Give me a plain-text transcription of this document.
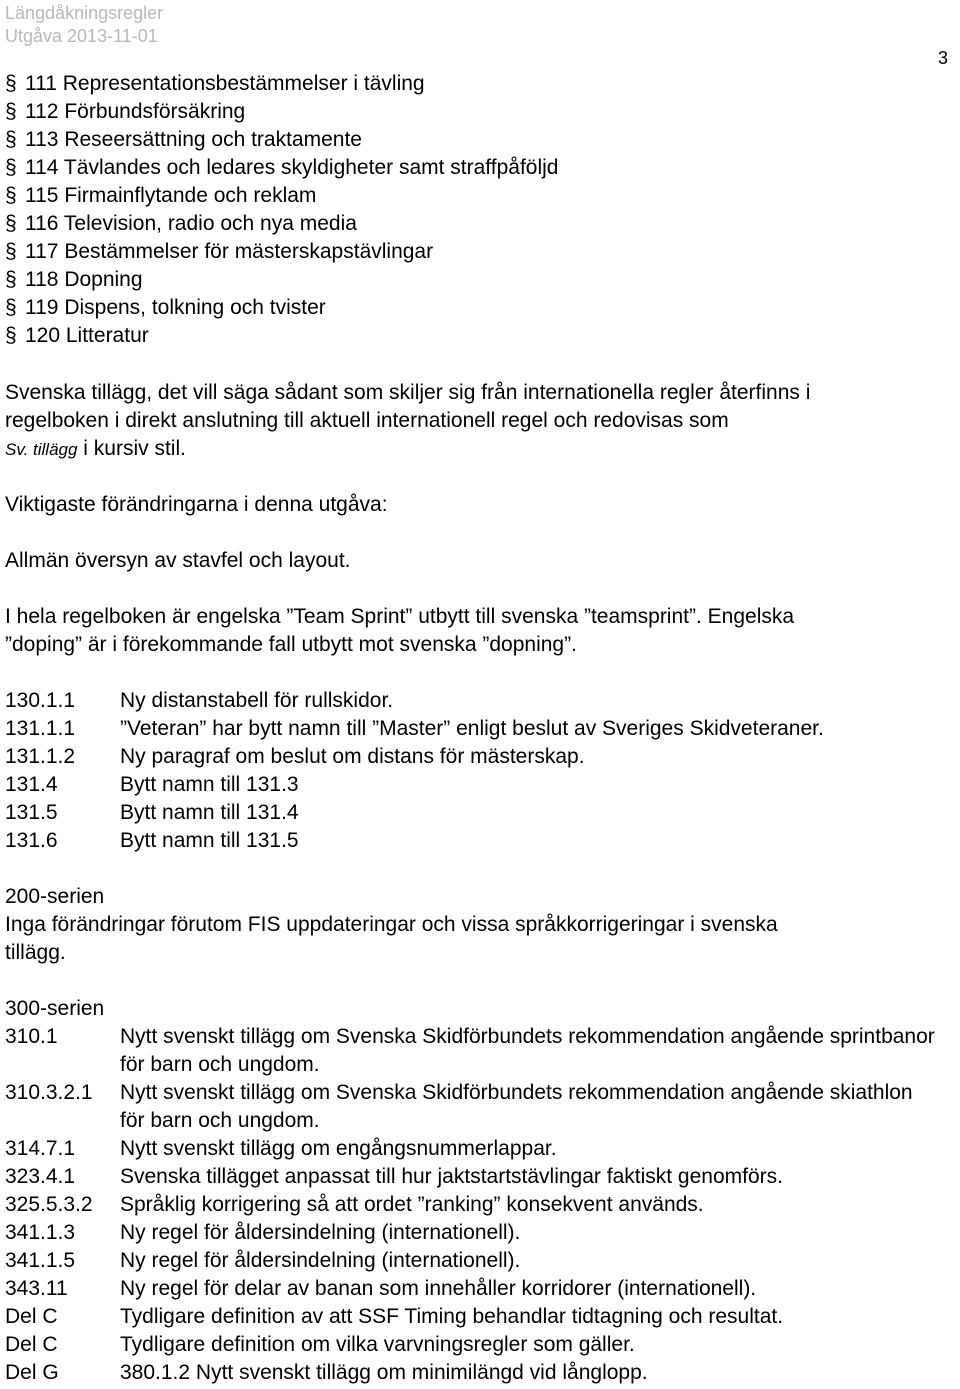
Längdåkningsregler
Utgåva 2013-11-01
3
§ 111 Representationsbestämmelser i tävling
§ 112 Förbundsförsäkring
§ 113 Reseersättning och traktamente
§ 114 Tävlandes och ledares skyldigheter samt straffpåföljd
§ 115 Firmainflytande och reklam
§ 116 Television, radio och nya media
§ 117 Bestämmelser för mästerskapstävlingar
§ 118 Dopning
§ 119 Dispens, tolkning och tvister
§ 120 Litteratur
Svenska tillägg, det vill säga sådant som skiljer sig från internationella regler återfinns i
regelboken i direkt anslutning till aktuell internationell regel och redovisas som
Sv. tillägg i kursiv stil.
Viktigaste förändringarna i denna utgåva:
Allmän översyn av stavfel och layout.
I hela regelboken är engelska ”Team Sprint” utbytt till svenska ”teamsprint”. Engelska
”doping” är i förekommande fall utbytt mot svenska ”dopning”.
130.1.1	Ny distanstabell för rullskidor.
131.1.1	”Veteran” har bytt namn till ”Master” enligt beslut av Sveriges Skidveteraner.
131.1.2	Ny paragraf om beslut om distans för mästerskap.
131.4	Bytt namn till 131.3
131.5	Bytt namn till 131.4
131.6	Bytt namn till 131.5
200-serien
Inga förändringar förutom FIS uppdateringar och vissa språkkorrigeringar i svenska
tillägg.
300-serien
310.1	Nytt svenskt tillägg om Svenska Skidförbundets rekommendation angående sprintbanor för barn och ungdom.
310.3.2.1	Nytt svenskt tillägg om Svenska Skidförbundets rekommendation angående skiathlon för barn och ungdom.
314.7.1	Nytt svenskt tillägg om engångsnummerlappar.
323.4.1	Svenska tillägget anpassat till hur jaktstartstävlingar faktiskt genomförs.
325.5.3.2	Språklig korrigering så att ordet ”ranking” konsekvent används.
341.1.3	Ny regel för åldersindelning (internationell).
341.1.5	Ny regel för åldersindelning (internationell).
343.11	Ny regel för delar av banan som innehåller korridorer (internationell).
Del C	Tydligare definition av att SSF Timing behandlar tidtagning och resultat.
Del C	Tydligare definition om vilka varvningsregler som gäller.
Del G	380.1.2 Nytt svenskt tillägg om minimilängd vid långlopp.
